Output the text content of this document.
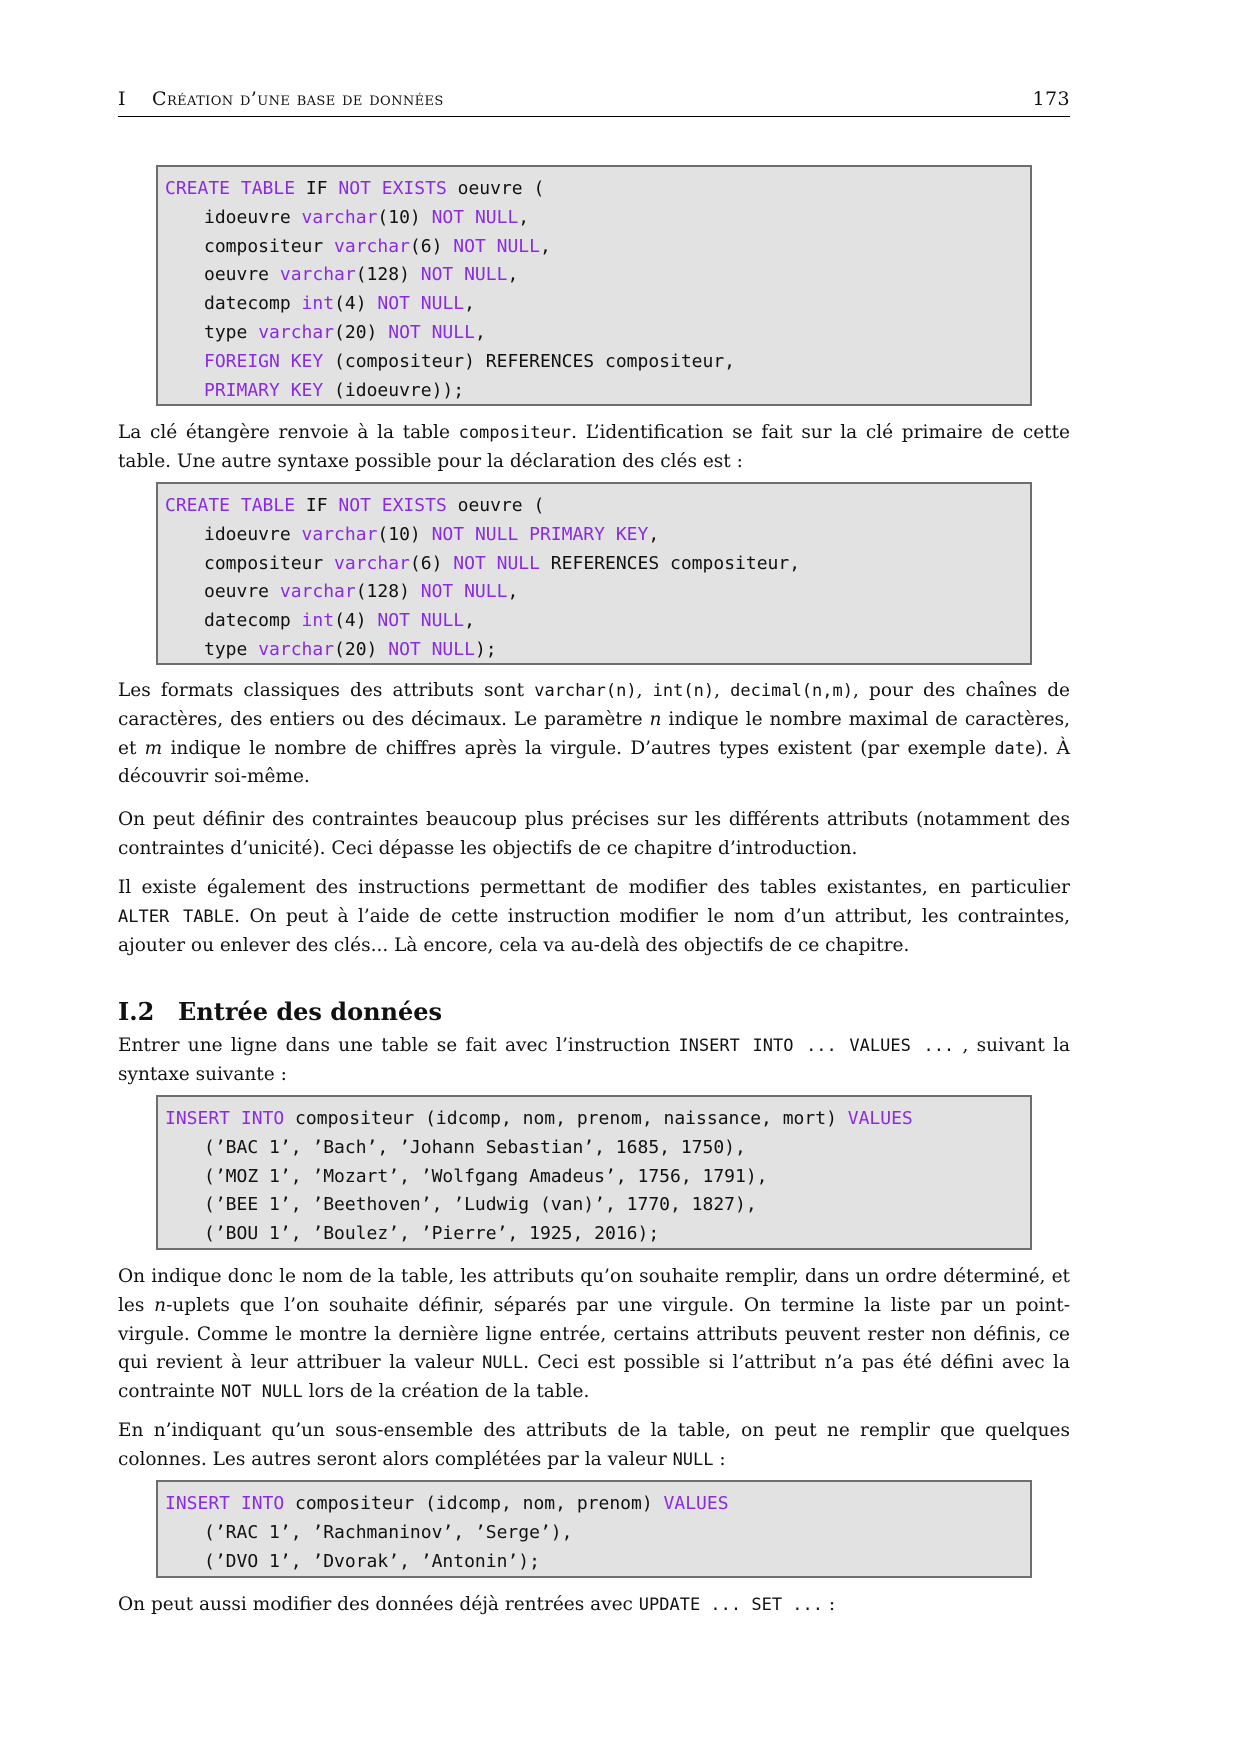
I Création d’une base de données	173
CREATE TABLE IF NOT EXISTS oeuvre (
idoeuvre varchar(10) NOT NULL,
compositeur varchar(6) NOT NULL,
oeuvre varchar(128) NOT NULL,
datecomp int(4) NOT NULL,
type varchar(20) NOT NULL,
FOREIGN KEY (compositeur) REFERENCES compositeur,
PRIMARY KEY (idoeuvre));

La clé étangère renvoie à la table compositeur. L’identification se fait sur la clé primaire de cette table. Une autre syntaxe possible pour la déclaration des clés est :

CREATE TABLE IF NOT EXISTS oeuvre (
idoeuvre varchar(10) NOT NULL PRIMARY KEY,
compositeur varchar(6) NOT NULL REFERENCES compositeur,
oeuvre varchar(128) NOT NULL,
datecomp int(4) NOT NULL,
type varchar(20) NOT NULL);

Les formats classiques des attributs sont varchar(n), int(n), decimal(n,m), pour des chaînes de caractères, des entiers ou des décimaux. Le paramètre n indique le nombre maximal de caractères, et m indique le nombre de chiffres après la virgule. D’autres types existent (par exemple date). À découvrir soi-même.

On peut définir des contraintes beaucoup plus précises sur les différents attributs (notamment des contraintes d’unicité). Ceci dépasse les objectifs de ce chapitre d’introduction.

Il existe également des instructions permettant de modifier des tables existantes, en particulier ALTER TABLE. On peut à l’aide de cette instruction modifier le nom d’un attribut, les contraintes, ajouter ou enlever des clés... Là encore, cela va au-delà des objectifs de ce chapitre.

I.2 Entrée des données

Entrer une ligne dans une table se fait avec l’instruction INSERT INTO ... VALUES ... , suivant la syntaxe suivante :

INSERT INTO compositeur (idcomp, nom, prenom, naissance, mort) VALUES
(’BAC 1’, ’Bach’, ’Johann Sebastian’, 1685, 1750),
(’MOZ 1’, ’Mozart’, ’Wolfgang Amadeus’, 1756, 1791),
(’BEE 1’, ’Beethoven’, ’Ludwig (van)’, 1770, 1827),
(’BOU 1’, ’Boulez’, ’Pierre’, 1925, 2016);

On indique donc le nom de la table, les attributs qu’on souhaite remplir, dans un ordre déterminé, et les n-uplets que l’on souhaite définir, séparés par une virgule. On termine la liste par un point-virgule. Comme le montre la dernière ligne entrée, certains attributs peuvent rester non définis, ce qui revient à leur attribuer la valeur NULL. Ceci est possible si l’attribut n’a pas été défini avec la contrainte NOT NULL lors de la création de la table.

En n’indiquant qu’un sous-ensemble des attributs de la table, on peut ne remplir que quelques colonnes. Les autres seront alors complétées par la valeur NULL :

INSERT INTO compositeur (idcomp, nom, prenom) VALUES
(’RAC 1’, ’Rachmaninov’, ’Serge’),
(’DVO 1’, ’Dvorak’, ’Antonin’);

On peut aussi modifier des données déjà rentrées avec UPDATE ... SET ... :
